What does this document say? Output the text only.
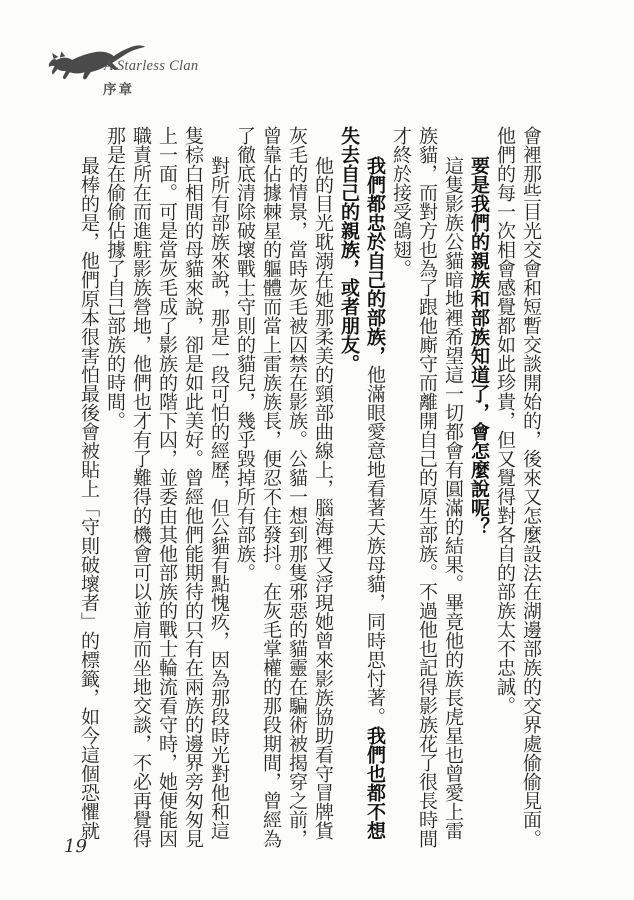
A Starless Clan
序章

會裡那些目光交會和短暫交談開始的，後來又怎麼設法在湖邊部族的交界處偷偷見面。他們的每一次相會感覺都如此珍貴，但又覺得對各自的部族太不忠誠。

要是我們的親族和部族知道了，會怎麼說呢？

這隻影族公貓暗地裡希望這一切都會有圓滿的結果。畢竟他的族長虎星也曾愛上雷族貓，而對方也為了跟他廝守而離開自己的原生部族。不過他也記得影族花了很長時間才終於接受鴿翅。

我們都忠於自己的部族，他滿眼愛意地看著天族母貓，同時思忖著。我們也都不想失去自己的親族，或者朋友。

他的目光耽溺在她那柔美的頸部曲線上，腦海裡又浮現她曾來影族協助看守冒牌貨灰毛的情景，當時灰毛被囚禁在影族。公貓一想到那隻邪惡的貓靈在騙術被揭穿之前，曾靠佔據棘星的軀體而當上雷族族長，便忍不住發抖。在灰毛掌權的那段期間，曾經為了徹底清除破壞戰士守則的貓兒，幾乎毀掉所有部族。

對所有部族來說，那是一段可怕的經歷，但公貓有點愧疚，因為那段時光對他和這隻棕白相間的母貓來說，卻是如此美好。曾經他們能期待的只有在兩族的邊界旁匆匆見上一面。可是當灰毛成了影族的階下囚，並委由其他部族的戰士輪流看守時，她便能因職責所在而進駐影族營地，他們也才有了難得的機會可以並肩而坐地交談，不必再覺得那是在偷偷佔據了自己部族的時間。

最棒的是，他們原本很害怕最後會被貼上「守則破壞者」的標籤，如今這個恐懼就

19
